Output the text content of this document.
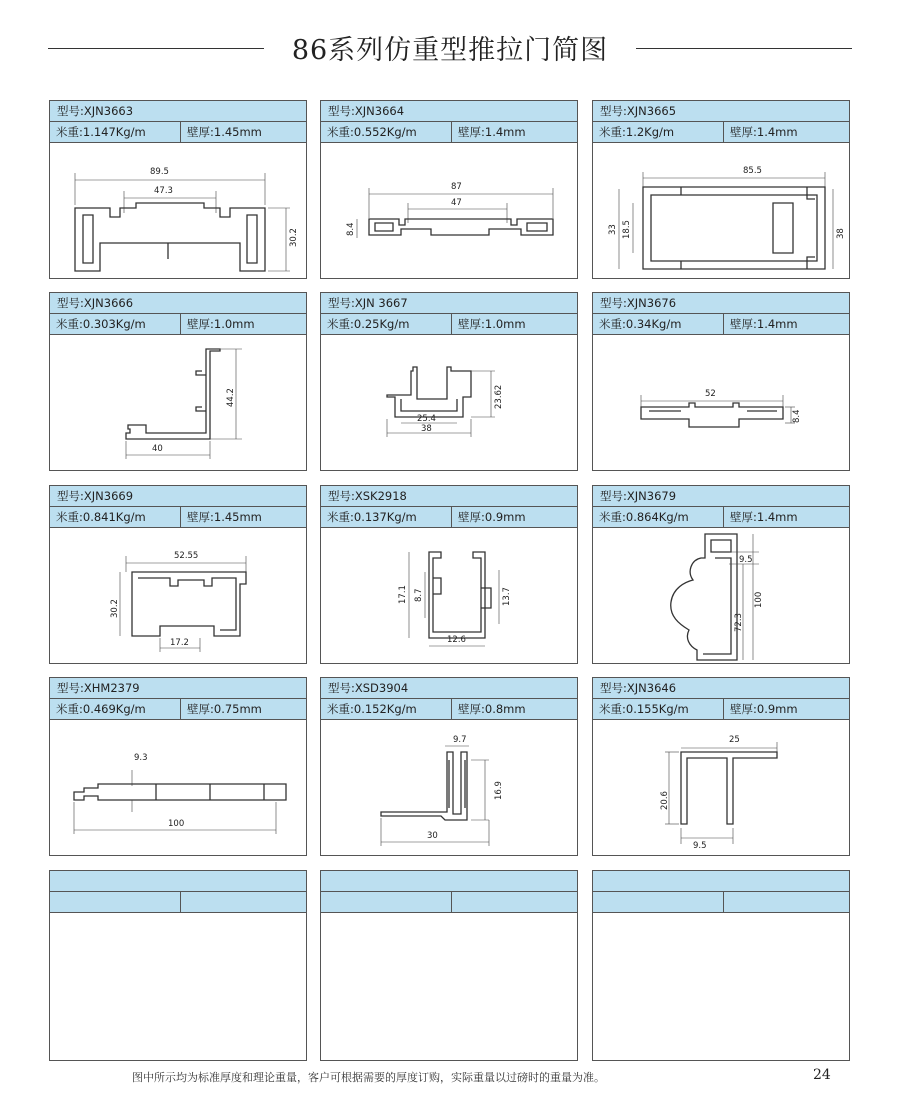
86系列仿重型推拉门简图
型号:XJN3663
米重:1.147Kg/m	壁厚:1.45mm
89.5
47.3
30.2
型号:XJN3664
米重:0.552Kg/m	壁厚:1.4mm
87
47
8.4
型号:XJN3665
米重:1.2Kg/m	壁厚:1.4mm
85.5
33 18.5	38
型号:XJN3666
米重:0.303Kg/m	壁厚:1.0mm
44.2
40
型号:XJN 3667
米重:0.25Kg/m	壁厚:1.0mm
23.62
25.4
38
型号:XJN3676
米重:0.34Kg/m	壁厚:1.4mm
52
8.4
型号:XJN3669
米重:0.841Kg/m	壁厚:1.45mm
52.55
30.2
17.2
型号:XSK2918
米重:0.137Kg/m	壁厚:0.9mm
17.1 8.7	13.7
12.6
型号:XJN3679
米重:0.864Kg/m	壁厚:1.4mm
9.5
100
72.3
型号:XHM2379
米重:0.469Kg/m	壁厚:0.75mm
9.3
100
型号:XSD3904
米重:0.152Kg/m	壁厚:0.8mm
9.7
16.9
30
型号:XJN3646
米重:0.155Kg/m	壁厚:0.9mm
25
20.6
9.5
图中所示均为标准厚度和理论重量，客户可根据需要的厚度订购，实际重量以过磅时的重量为准。	24
